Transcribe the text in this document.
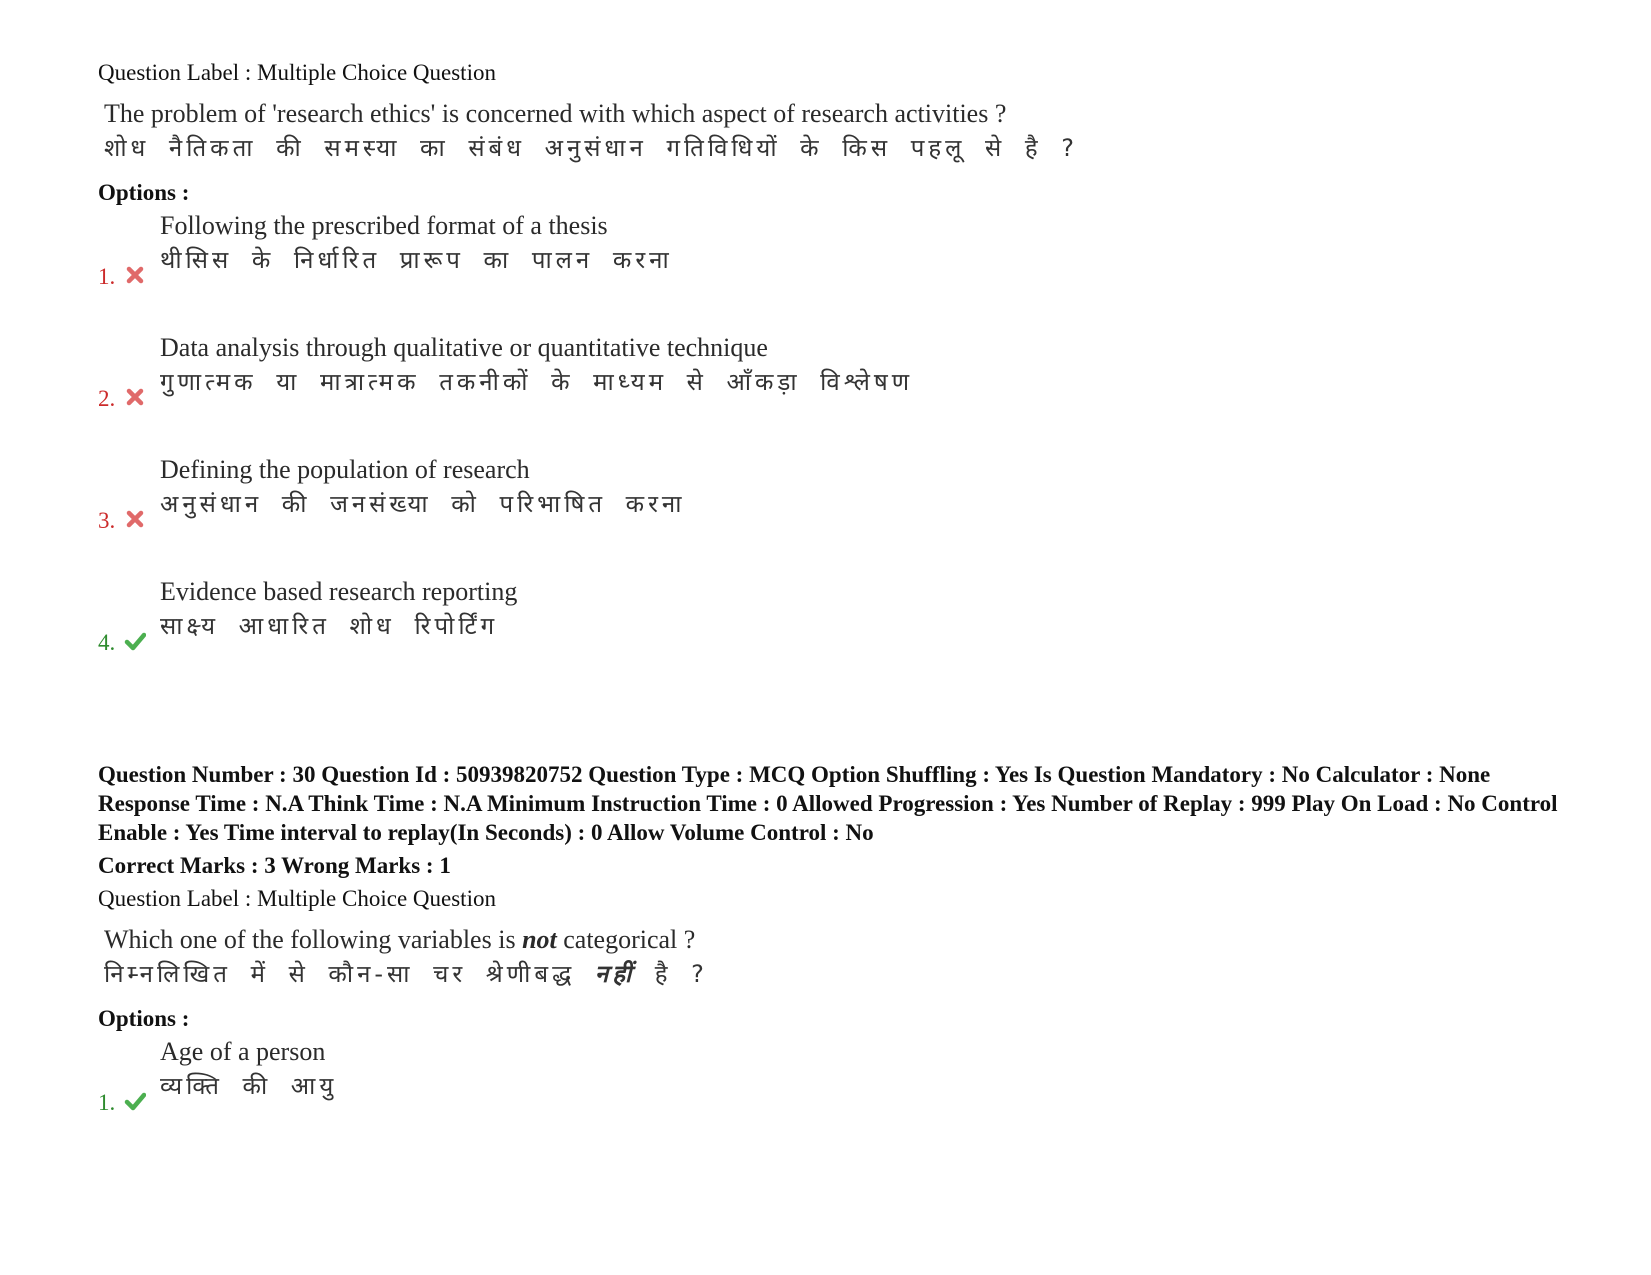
Question Label : Multiple Choice Question

The problem of 'research ethics' is concerned with which aspect of research activities ?
शोध नैतिकता की समस्या का संबंध अनुसंधान गतिविधियों के किस पहलू से है ?

Options :

1.
Following the prescribed format of a thesis
थीसिस के निर्धारित प्रारूप का पालन करना
2.
Data analysis through qualitative or quantitative technique
गुणात्मक या मात्रात्मक तकनीकों के माध्यम से आँकड़ा विश्लेषण
3.
Defining the population of research
अनुसंधान की जनसंख्या को परिभाषित करना
4.
Evidence based research reporting
साक्ष्य आधारित शोध रिपोर्टिंग

Question Number : 30 Question Id : 50939820752 Question Type : MCQ Option Shuffling : Yes Is Question Mandatory : No Calculator : None Response Time : N.A Think Time : N.A Minimum Instruction Time : 0 Allowed Progression : Yes Number of Replay : 999 Play On Load : No Control Enable : Yes Time interval to replay(In Seconds) : 0 Allow Volume Control : No

Correct Marks : 3 Wrong Marks : 1

Question Label : Multiple Choice Question

Which one of the following variables is not categorical ?
निम्नलिखित में से कौन-सा चर श्रेणीबद्ध नहीं है ?

Options :

1.
Age of a person
व्यक्ति की आयु
